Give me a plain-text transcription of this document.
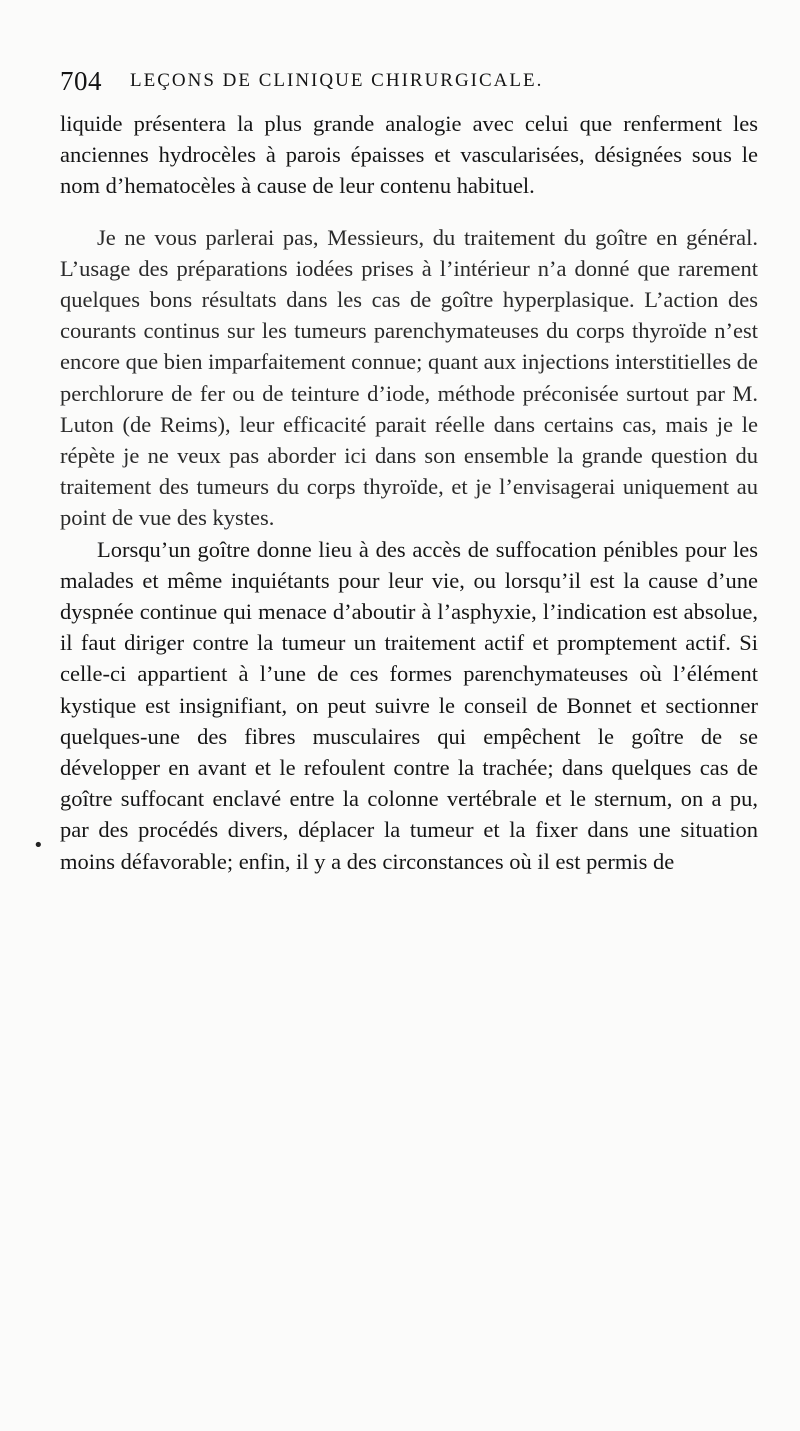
704 LEÇONS DE CLINIQUE CHIRURGICALE.
•

liquide présentera la plus grande analogie avec celui que renferment les anciennes hydrocèles à parois épaisses et vascularisées, désignées sous le nom d’hematocèles à cause de leur contenu habituel.

Je ne vous parlerai pas, Messieurs, du traitement du goître en général. L’usage des préparations iodées prises à l’intérieur n’a donné que rarement quelques bons résultats dans les cas de goître hyperplasique. L’action des courants continus sur les tumeurs parenchymateuses du corps thyroïde n’est encore que bien imparfaitement connue; quant aux injections interstitielles de perchlorure de fer ou de teinture d’iode, méthode préconisée surtout par M. Luton (de Reims), leur efficacité parait réelle dans certains cas, mais je le répète je ne veux pas aborder ici dans son ensemble la grande question du traitement des tumeurs du corps thyroïde, et je l’envisagerai uniquement au point de vue des kystes.

Lorsqu’un goître donne lieu à des accès de suffocation pénibles pour les malades et même inquiétants pour leur vie, ou lorsqu’il est la cause d’une dyspnée continue qui menace d’aboutir à l’asphyxie, l’indication est absolue, il faut diriger contre la tumeur un traitement actif et promptement actif. Si celle-ci appartient à l’une de ces formes parenchymateuses où l’élément kystique est insignifiant, on peut suivre le conseil de Bonnet et sectionner quelques-une des fibres musculaires qui empêchent le goître de se développer en avant et le refoulent contre la trachée; dans quelques cas de goître suffocant enclavé entre la colonne vertébrale et le sternum, on a pu, par des procédés divers, déplacer la tumeur et la fixer dans une situation moins défavorable; enfin, il y a des circonstances où il est permis de
